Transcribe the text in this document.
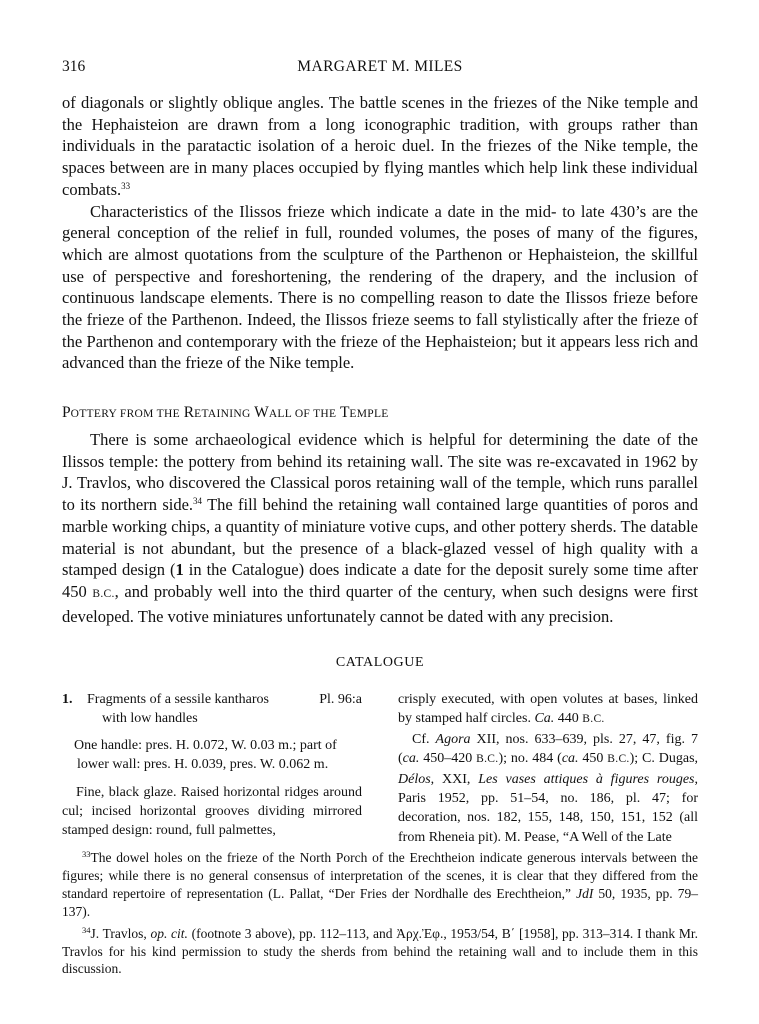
316	MARGARET M. MILES

of diagonals or slightly oblique angles. The battle scenes in the friezes of the Nike temple and the Hephaisteion are drawn from a long iconographic tradition, with groups rather than individuals in the paratactic isolation of a heroic duel. In the friezes of the Nike temple, the spaces between are in many places occupied by flying mantles which help link these individual combats.$^{33}$

Characteristics of the Ilissos frieze which indicate a date in the mid- to late 430’s are the general conception of the relief in full, rounded volumes, the poses of many of the figures, which are almost quotations from the sculpture of the Parthenon or Hephaisteion, the skillful use of perspective and foreshortening, the rendering of the drapery, and the inclusion of continuous landscape elements. There is no compelling reason to date the Ilissos frieze before the frieze of the Parthenon. Indeed, the Ilissos frieze seems to fall stylistically after the frieze of the Parthenon and contemporary with the frieze of the Hephaisteion; but it appears less rich and advanced than the frieze of the Nike temple.

POTTERY FROM THE RETAINING WALL OF THE TEMPLE

There is some archaeological evidence which is helpful for determining the date of the Ilissos temple: the pottery from behind its retaining wall. The site was re-excavated in 1962 by J. Travlos, who discovered the Classical poros retaining wall of the temple, which runs parallel to its northern side.$^{34}$ The fill behind the retaining wall contained large quantities of poros and marble working chips, a quantity of miniature votive cups, and other pottery sherds. The datable material is not abundant, but the presence of a black-glazed vessel of high quality with a stamped design (1 in the Catalogue) does indicate a date for the deposit surely some time after 450 B.C., and probably well into the third quarter of the century, when such designs were first developed. The votive miniatures unfortunately cannot be dated with any precision.

CATALOGUE
1.	Pl. 96:a
Fragments of a sessile kantharos
with low handles
One handle: pres. H. 0.072, W. 0.03 m.; part of lower wall: pres. H. 0.039, pres. W. 0.062 m.
Fine, black glaze. Raised horizontal ridges around cul; incised horizontal grooves dividing mirrored stamped design: round, full palmettes,

crisply executed, with open volutes at bases, linked by stamped half circles. Ca. 440 B.C.

Cf. Agora XII, nos. 633–639, pls. 27, 47, fig. 7 (ca. 450–420 B.C.); no. 484 (ca. 450 B.C.); C. Dugas, Délos, XXI, Les vases attiques à figures rouges, Paris 1952, pp. 51–54, no. 186, pl. 47; for decoration, nos. 182, 155, 148, 150, 151, 152 (all from Rheneia pit). M. Pease, “A Well of the Late

$^{33}$The dowel holes on the frieze of the North Porch of the Erechtheion indicate generous intervals between the figures; while there is no general consensus of interpretation of the scenes, it is clear that they differed from the standard repertoire of representation (L. Pallat, “Der Fries der Nordhalle des Erechtheion,” JdI 50, 1935, pp. 79–137).

$^{34}$J. Travlos, op. cit. (footnote 3 above), pp. 112–113, and Ἀρχ.Ἐφ., 1953/54, Β΄ [1958], pp. 313–314. I thank Mr. Travlos for his kind permission to study the sherds from behind the retaining wall and to include them in this discussion.
